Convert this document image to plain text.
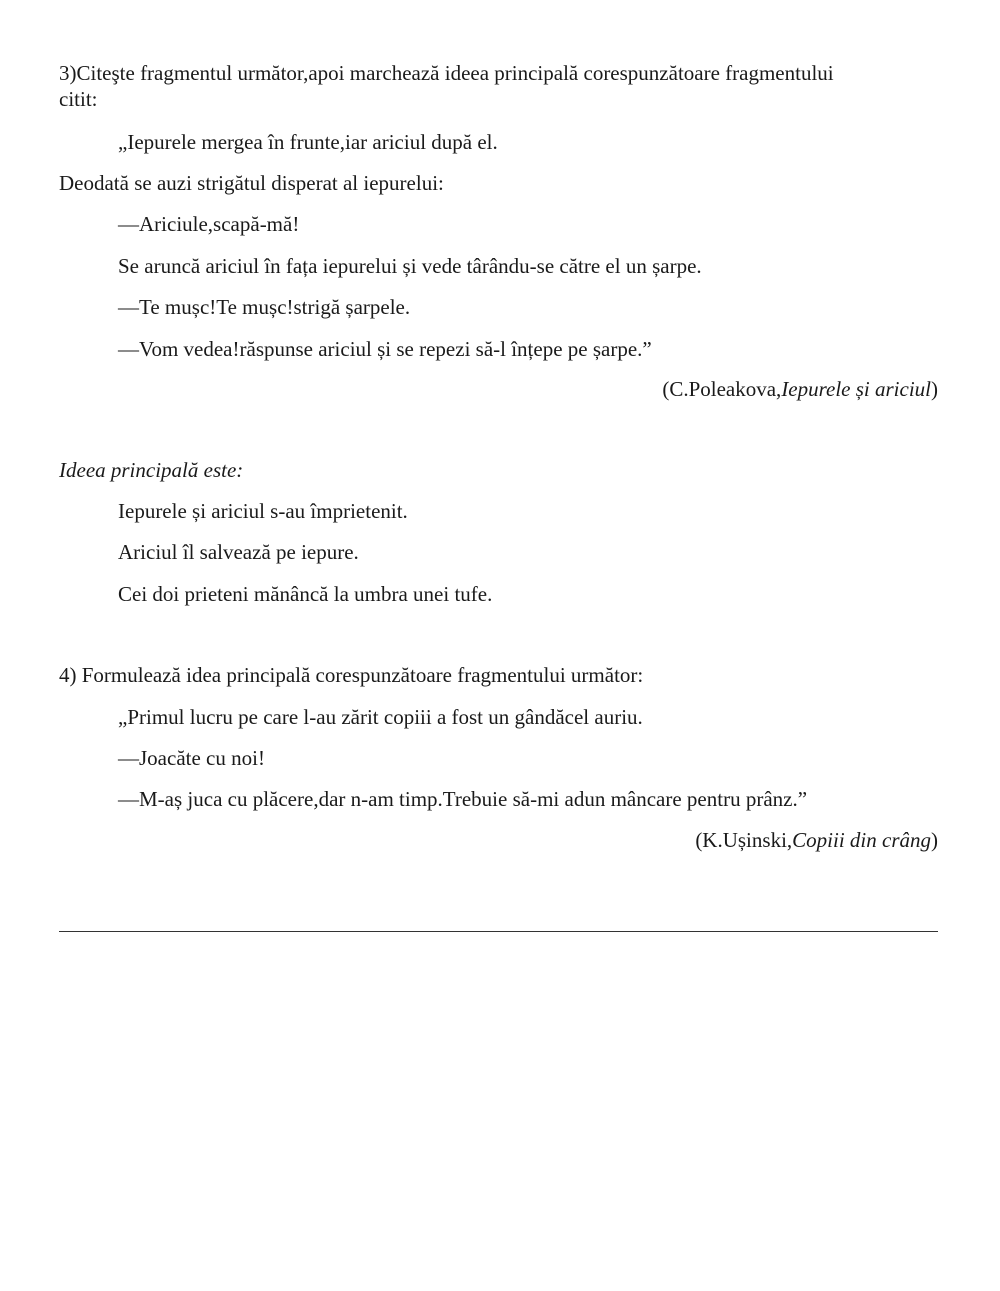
3)Citeşte fragmentul următor,apoi marchează ideea principală corespunzătoare fragmentului
citit:
„Iepurele mergea în frunte,iar ariciul după el.
Deodată se auzi strigătul disperat al iepurelui:
―Ariciule,scapă-mă!
Se aruncă ariciul în fața iepurelui și vede târându-se către el un șarpe.
―Te mușc!Te mușc!strigă șarpele.
―Vom vedea!răspunse ariciul și se repezi să-l înțepe pe șarpe.”
(C.Poleakova,Iepurele și ariciul)
Ideea principală este:
Iepurele și ariciul s-au împrietenit.
Ariciul îl salvează pe iepure.
Cei doi prieteni mănâncă la umbra unei tufe.
4) Formulează idea principală corespunzătoare fragmentului următor:
„Primul lucru pe care l-au zărit copiii a fost un gândăcel auriu.
―Joacăte cu noi!
―M-aș juca cu plăcere,dar n-am timp.Trebuie să-mi adun mâncare pentru prânz.”
(K.Ușinski,Copiii din crâng)
